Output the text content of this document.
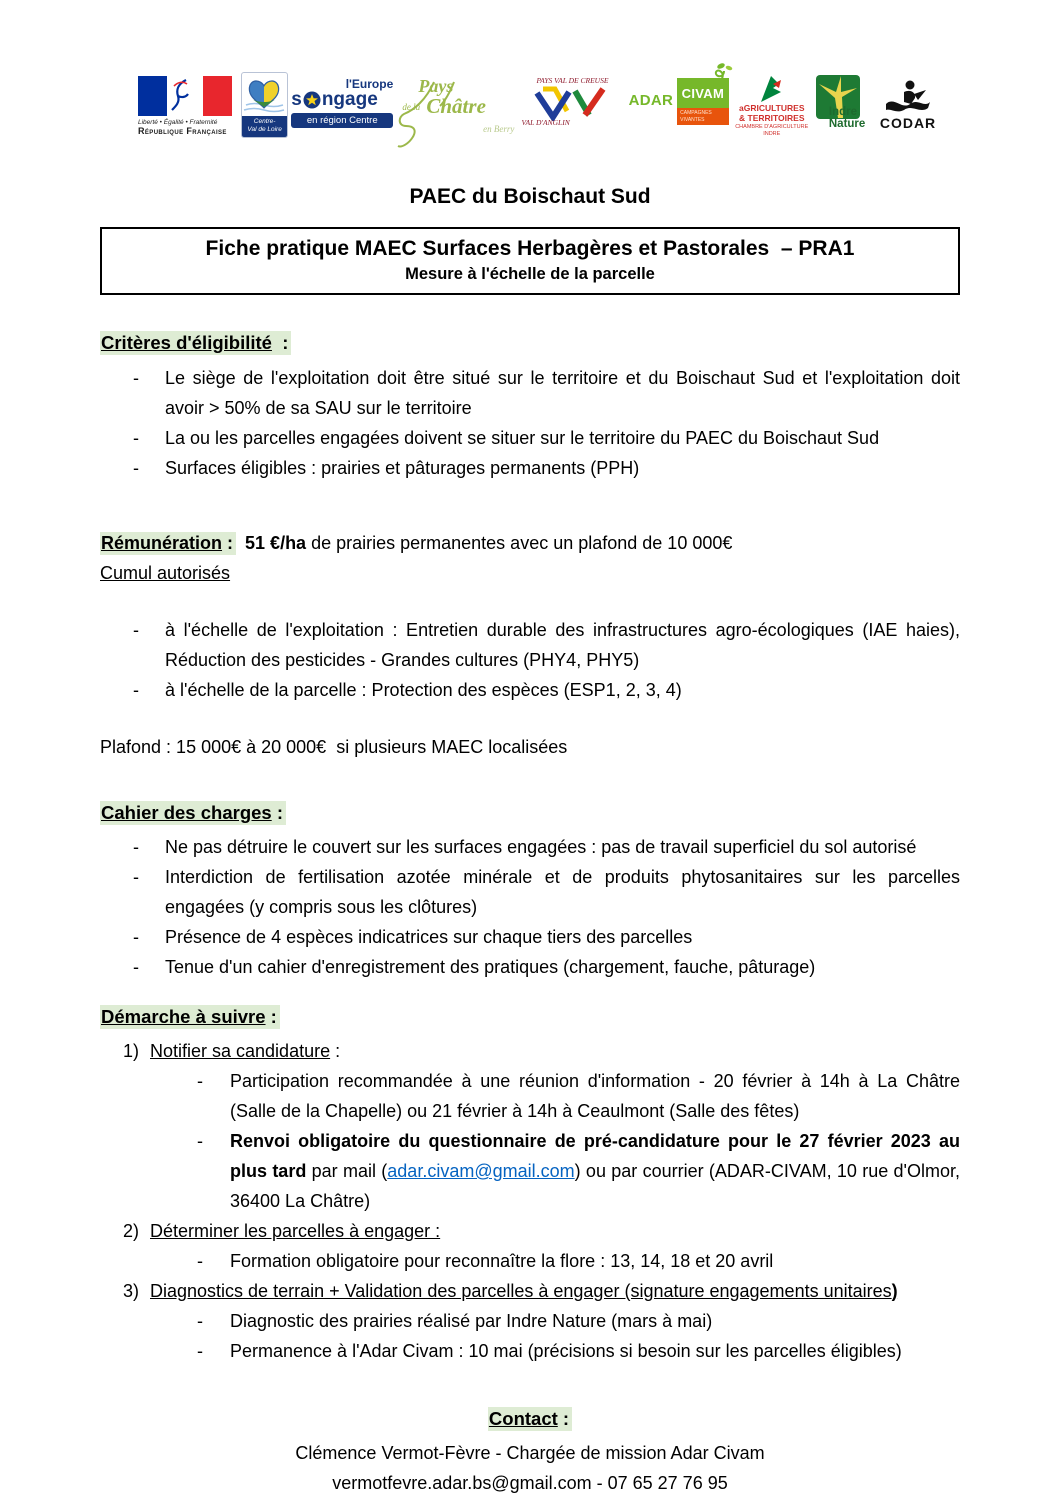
Liberté • Égalité • Fraternité
République Française
Centre-
Val de Loire
l'Europe
s ngage
en région Centre
Pays
de la Châtre
en Berry
PAYS VAL DE CREUSE
VAL D'ANGLIN
ADAR CIVAM
CAMPAGNES VIVANTES
aGRICULTURES
& TERRITOIRES
CHAMBRE D'AGRICULTURE
INDRE
Indre
Nature	CODAR
PAEC du Boischaut Sud
Fiche pratique MAEC Surfaces Herbagères et Pastorales  – PRA1
Mesure à l'échelle de la parcelle
Critères d'éligibilité  :
-	Le siège de l'exploitation doit être situé sur le territoire et du Boischaut Sud et l'exploitation doit avoir > 50% de sa SAU sur le territoire
-	La ou les parcelles engagées doivent se situer sur le territoire du PAEC du Boischaut Sud
-	Surfaces éligibles : prairies et pâturages permanents (PPH)
Rémunération : 51 €/ha de prairies permanentes avec un plafond de 10 000€
Cumul autorisés
-	à l'échelle de l'exploitation : Entretien durable des infrastructures agro-écologiques (IAE haies), Réduction des pesticides - Grandes cultures (PHY4, PHY5)
-	à l'échelle de la parcelle : Protection des espèces (ESP1, 2, 3, 4)
Plafond : 15 000€ à 20 000€  si plusieurs MAEC localisées
Cahier des charges :
-	Ne pas détruire le couvert sur les surfaces engagées : pas de travail superficiel du sol autorisé
-	Interdiction de fertilisation azotée minérale et de produits phytosanitaires sur les parcelles engagées (y compris sous les clôtures)
-	Présence de 4 espèces indicatrices sur chaque tiers des parcelles
-	Tenue d'un cahier d'enregistrement des pratiques (chargement, fauche, pâturage)
Démarche à suivre :
1) Notifier sa candidature :
-	Participation recommandée à une réunion d'information - 20 février à 14h à La Châtre (Salle de la Chapelle) ou 21 février à 14h à Ceaulmont (Salle des fêtes)
-	Renvoi obligatoire du questionnaire de pré-candidature pour le 27 février 2023 au plus tard par mail (adar.civam@gmail.com) ou par courrier (ADAR-CIVAM, 10 rue d'Olmor, 36400 La Châtre)
2) Déterminer les parcelles à engager :
-	Formation obligatoire pour reconnaître la flore : 13, 14, 18 et 20 avril
3) Diagnostics de terrain + Validation des parcelles à engager (signature engagements unitaires)
-	Diagnostic des prairies réalisé par Indre Nature (mars à mai)
-	Permanence à l'Adar Civam : 10 mai (précisions si besoin sur les parcelles éligibles)
Contact :
Clémence Vermot-Fèvre - Chargée de mission Adar Civam
vermotfevre.adar.bs@gmail.com - 07 65 27 76 95
